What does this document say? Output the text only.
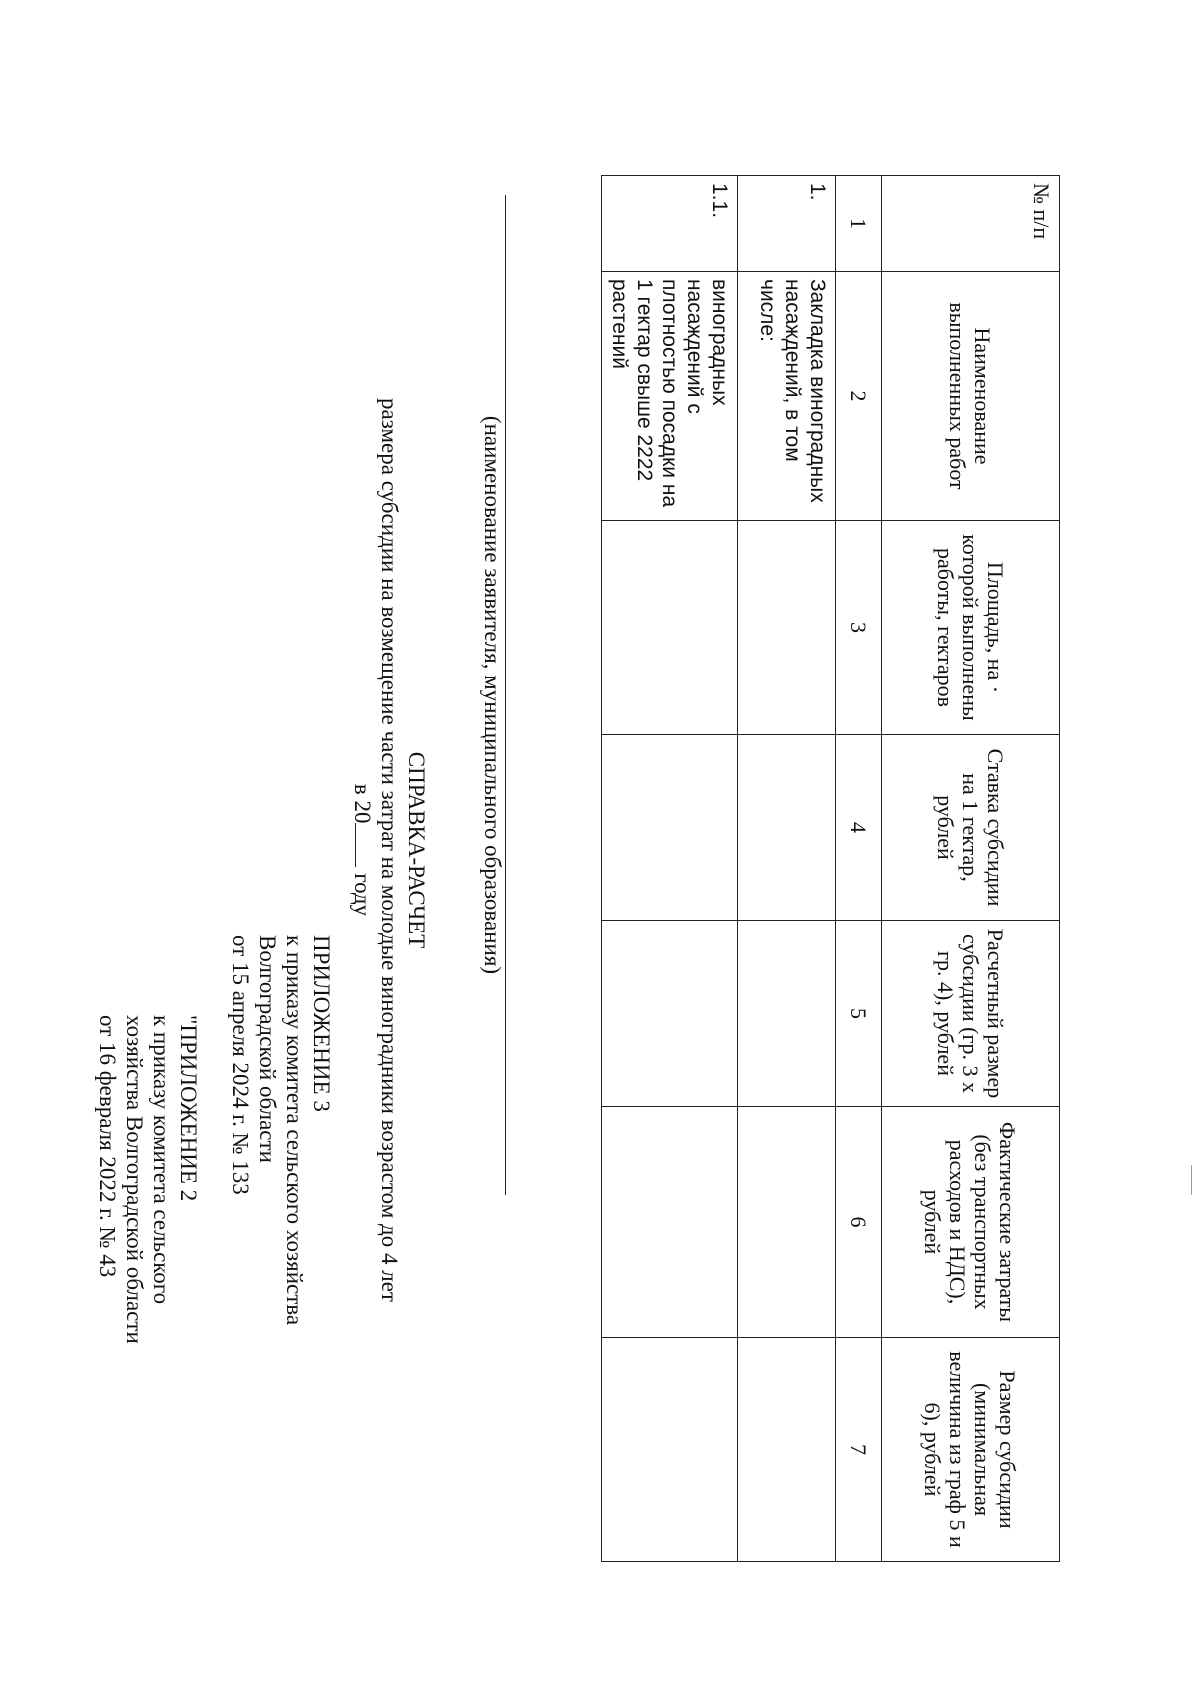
ПРИЛОЖЕНИЕ 3
к приказу комитета сельского хозяйства
Волгоградской области
от 15 апреля 2024 г. № 133
"ПРИЛОЖЕНИЕ 2
к приказу комитета сельского
хозяйства Волгоградской области
от 16 февраля 2022 г. № 43
СПРАВКА-РАСЧЕТ
размера субсидии на возмещение части затрат на молодые виноградники возрастом до 4 лет
в 20 году	(наименование заявителя, муниципального образования)
№ п/п	Наименование выполненных работ	Площадь, на · которой выполнены работы, гектаров	Ставка субсидии на 1 гектар, рублей	Расчетный размер субсидии (гр. 3 х гр. 4), рублей	Фактические затраты (без транспортных расходов и НДС), рублей	Размер субсидии (минимальная величина из граф 5 и 6), рублей
1	2	3	4	5	6	7
1.	Закладка виноградных насаждений, в том числе:					
1.1.	виноградных насаждений с плотностью посадки на 1 гектар свыше 2222 растений					
